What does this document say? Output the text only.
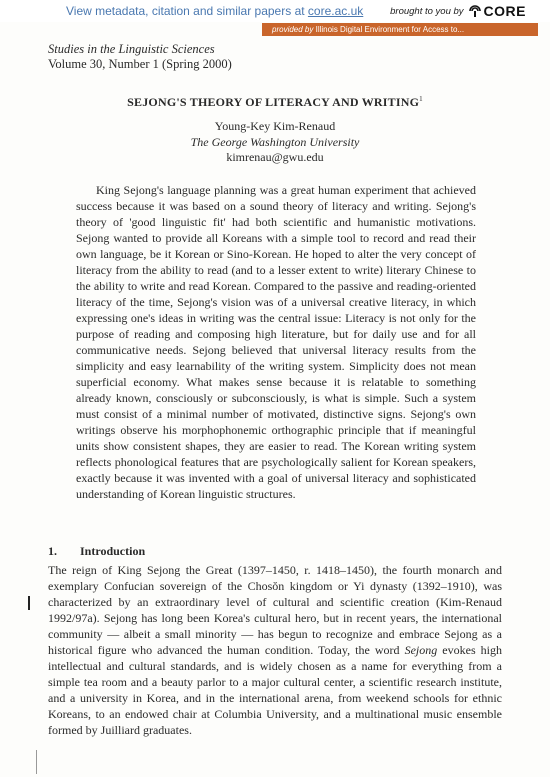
View metadata, citation and similar papers at core.ac.uk	brought to you by CORE
provided by Illinois Digital Environment for Access to...
Studies in the Linguistic Sciences
Volume 30, Number 1 (Spring 2000)
SEJONG'S THEORY OF LITERACY AND WRITING$^1$
Young-Key Kim-Renaud
The George Washington University
kimrenau@gwu.edu

King Sejong's language planning was a great human experiment that achieved success because it was based on a sound theory of literacy and writing. Sejong's theory of 'good linguistic fit' had both scientific and humanistic motivations. Sejong wanted to provide all Koreans with a simple tool to record and read their own language, be it Korean or Sino-Korean. He hoped to alter the very concept of literacy from the ability to read (and to a lesser extent to write) literary Chinese to the ability to write and read Korean. Compared to the passive and reading-oriented literacy of the time, Sejong's vision was of a universal creative literacy, in which expressing one's ideas in writing was the central issue: Literacy is not only for the purpose of reading and composing high literature, but for daily use and for all communicative needs. Sejong believed that universal literacy results from the simplicity and easy learnability of the writing system. Simplicity does not mean superficial economy. What makes sense because it is relatable to something already known, consciously or subconsciously, is what is simple. Such a system must consist of a minimal number of motivated, distinctive signs. Sejong's own writings observe his morphophonemic orthographic principle that if meaningful units show consistent shapes, they are easier to read. The Korean writing system reflects phonological features that are psychologically salient for Korean speakers, exactly because it was invented with a goal of universal literacy and sophisticated understanding of Korean linguistic structures.

1. Introduction

The reign of King Sejong the Great (1397–1450, r. 1418–1450), the fourth monarch and exemplary Confucian sovereign of the Chosŏn kingdom or Yi dynasty (1392–1910), was characterized by an extraordinary level of cultural and scientific creation (Kim-Renaud 1992/97a). Sejong has long been Korea's cultural hero, but in recent years, the international community — albeit a small minority — has begun to recognize and embrace Sejong as a historical figure who advanced the human condition. Today, the word Sejong evokes high intellectual and cultural standards, and is widely chosen as a name for everything from a simple tea room and a beauty parlor to a major cultural center, a scientific research institute, and a university in Korea, and in the international arena, from weekend schools for ethnic Koreans, to an endowed chair at Columbia University, and a multinational music ensemble formed by Juilliard graduates.
